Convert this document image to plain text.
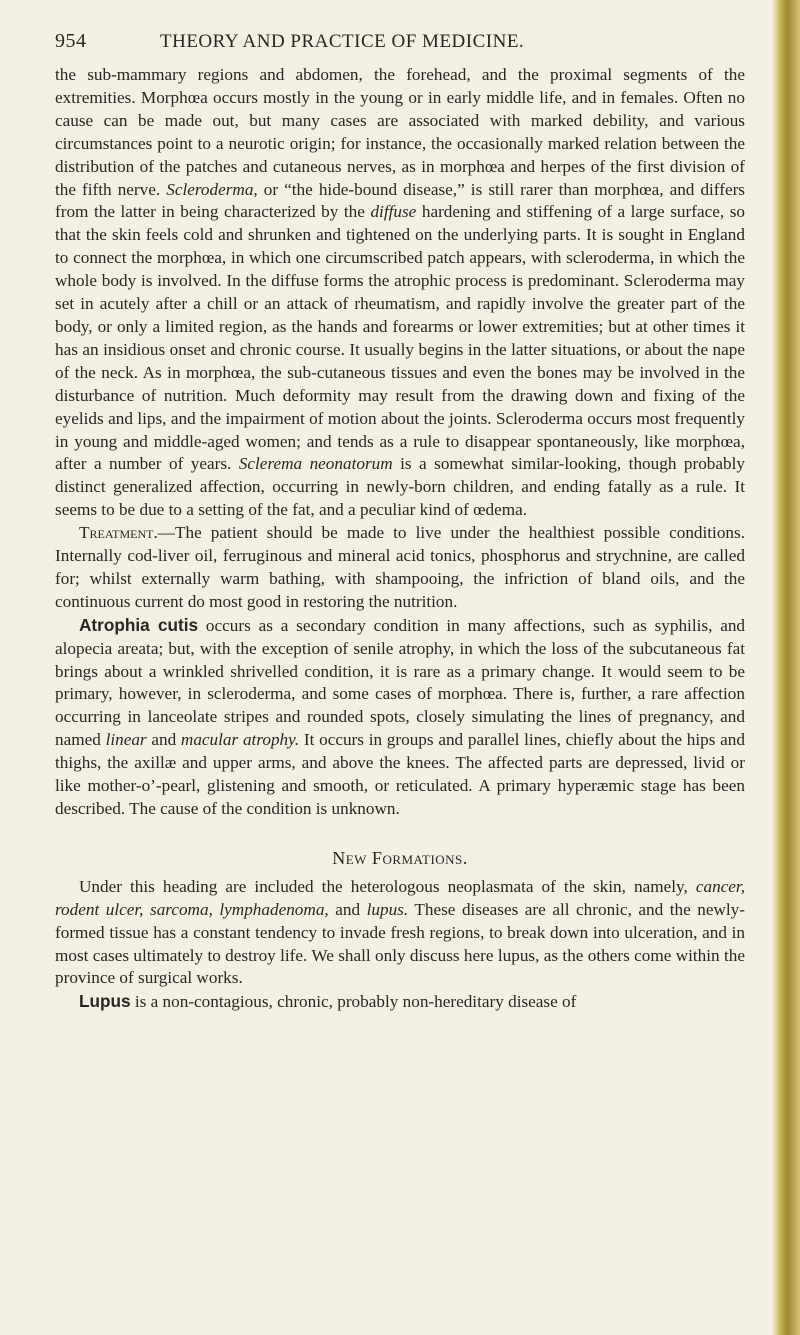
954	THEORY AND PRACTICE OF MEDICINE.

the sub-mammary regions and abdomen, the forehead, and the proximal segments of the extremities. Morphœa occurs mostly in the young or in early middle life, and in females. Often no cause can be made out, but many cases are associated with marked debility, and various circumstances point to a neurotic origin; for instance, the occasionally marked relation between the distribution of the patches and cutaneous nerves, as in morphœa and herpes of the first division of the fifth nerve. Scleroderma, or “the hide-bound disease,” is still rarer than morphœa, and differs from the latter in being characterized by the diffuse hardening and stiffening of a large surface, so that the skin feels cold and shrunken and tightened on the underlying parts. It is sought in England to connect the morphœa, in which one circumscribed patch appears, with scleroderma, in which the whole body is involved. In the diffuse forms the atrophic process is predominant. Scleroderma may set in acutely after a chill or an attack of rheumatism, and rapidly involve the greater part of the body, or only a limited region, as the hands and forearms or lower extremities; but at other times it has an insidious onset and chronic course. It usually begins in the latter situations, or about the nape of the neck. As in morphœa, the sub-cutaneous tissues and even the bones may be involved in the disturbance of nutrition. Much deformity may result from the drawing down and fixing of the eyelids and lips, and the impairment of motion about the joints. Scleroderma occurs most frequently in young and middle-aged women; and tends as a rule to disappear spontaneously, like morphœa, after a number of years. Sclerema neonatorum is a somewhat similar-looking, though probably distinct generalized affection, occurring in newly-born children, and ending fatally as a rule. It seems to be due to a setting of the fat, and a peculiar kind of œdema.

Treatment.—The patient should be made to live under the healthiest possible conditions. Internally cod-liver oil, ferruginous and mineral acid tonics, phosphorus and strychnine, are called for; whilst externally warm bathing, with shampooing, the infriction of bland oils, and the continuous current do most good in restoring the nutrition.

Atrophia cutis occurs as a secondary condition in many affections, such as syphilis, and alopecia areata; but, with the exception of senile atrophy, in which the loss of the subcutaneous fat brings about a wrinkled shrivelled condition, it is rare as a primary change. It would seem to be primary, however, in scleroderma, and some cases of morphœa. There is, further, a rare affection occurring in lanceolate stripes and rounded spots, closely simulating the lines of pregnancy, and named linear and macular atrophy. It occurs in groups and parallel lines, chiefly about the hips and thighs, the axillæ and upper arms, and above the knees. The affected parts are depressed, livid or like mother-o’-pearl, glistening and smooth, or reticulated. A primary hyperæmic stage has been described. The cause of the condition is unknown.

New Formations.

Under this heading are included the heterologous neoplasmata of the skin, namely, cancer, rodent ulcer, sarcoma, lymphadenoma, and lupus. These diseases are all chronic, and the newly-formed tissue has a constant tendency to invade fresh regions, to break down into ulceration, and in most cases ultimately to destroy life. We shall only discuss here lupus, as the others come within the province of surgical works.

Lupus is a non-contagious, chronic, probably non-hereditary disease of
